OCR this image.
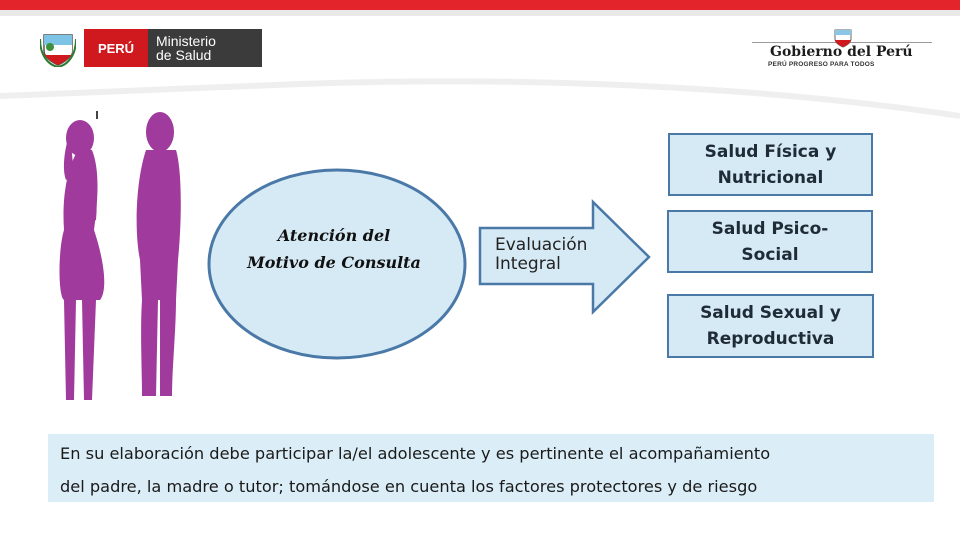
PERÚ	Ministerio
de Salud	Gobierno del Perú
PERÚ PROGRESO PARA TODOS
Atención del Motivo de Consulta
Evaluación
Integral
Salud Física y
Nutricional
Salud Psico-
Social
Salud Sexual y
Reproductiva
En su elaboración debe participar la/el adolescente y es pertinente el acompañamiento
del padre, la madre o tutor; tomándose en cuenta los factores protectores y de riesgo
